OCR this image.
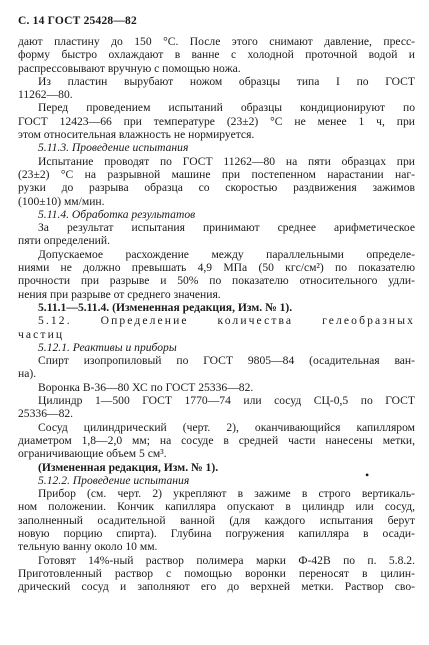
С. 14 ГОСТ 25428—82
дают пластину до 150 °С. После этого снимают давление, пресс-
форму быстро охлаждают в ванне с холодной проточной водой и
распрессовывают вручную с помощью ножа.
Из пластин вырубают ножом образцы типа I по ГОСТ
11262—80.
Перед проведением испытаний образцы кондиционируют по
ГОСТ 12423—66 при температуре (23±2) °С не менее 1 ч, при
этом относительная влажность не нормируется.
5.11.3. Проведение испытания
Испытание проводят по ГОСТ 11262—80 на пяти образцах при
(23±2) °С на разрывной машине при постепенном нарастании наг-
рузки до разрыва образца со скоростью раздвижения зажимов
(100±10) мм/мин.
5.11.4. Обработка результатов
За результат испытания принимают среднее арифметическое
пяти определений.
Допускаемое расхождение между параллельными определе-
ниями не должно превышать 4,9 МПа (50 кгс/см²) по показателю
прочности при разрыве и 50% по показателю относительного удли-
нения при разрыве от среднего значения.
5.11.1—5.11.4. (Измененная редакция, Изм. № 1).
5.12. Определение количества гелеобразных
частиц
5.12.1. Реактивы и приборы
Спирт изопропиловый по ГОСТ 9805—84 (осадительная ван-
на).
Воронка В-36—80 ХС по ГОСТ 25336—82.
Цилиндр 1—500 ГОСТ 1770—74 или сосуд СЦ-0,5 по ГОСТ
25336—82.
Сосуд цилиндрический (черт. 2), оканчивающийся капилляром
диаметром 1,8—2,0 мм; на сосуде в средней части нанесены метки,
ограничивающие объем 5 см³.
(Измененная редакция, Изм. № 1).
5.12.2. Проведение испытания
Прибор (см. черт. 2) укрепляют в зажиме в строго вертикаль-
ном положении. Кончик капилляра опускают в цилиндр или сосуд,
заполненный осадительной ванной (для каждого испытания берут
новую порцию спирта). Глубина погружения капилляра в осади-
тельную ванну около 10 мм.
Готовят 14%-ный раствор полимера марки Ф-42В по п. 5.8.2.
Приготовленный раствор с помощью воронки переносят в цилин-
дрический сосуд и заполняют его до верхней метки. Раствор сво-
•
